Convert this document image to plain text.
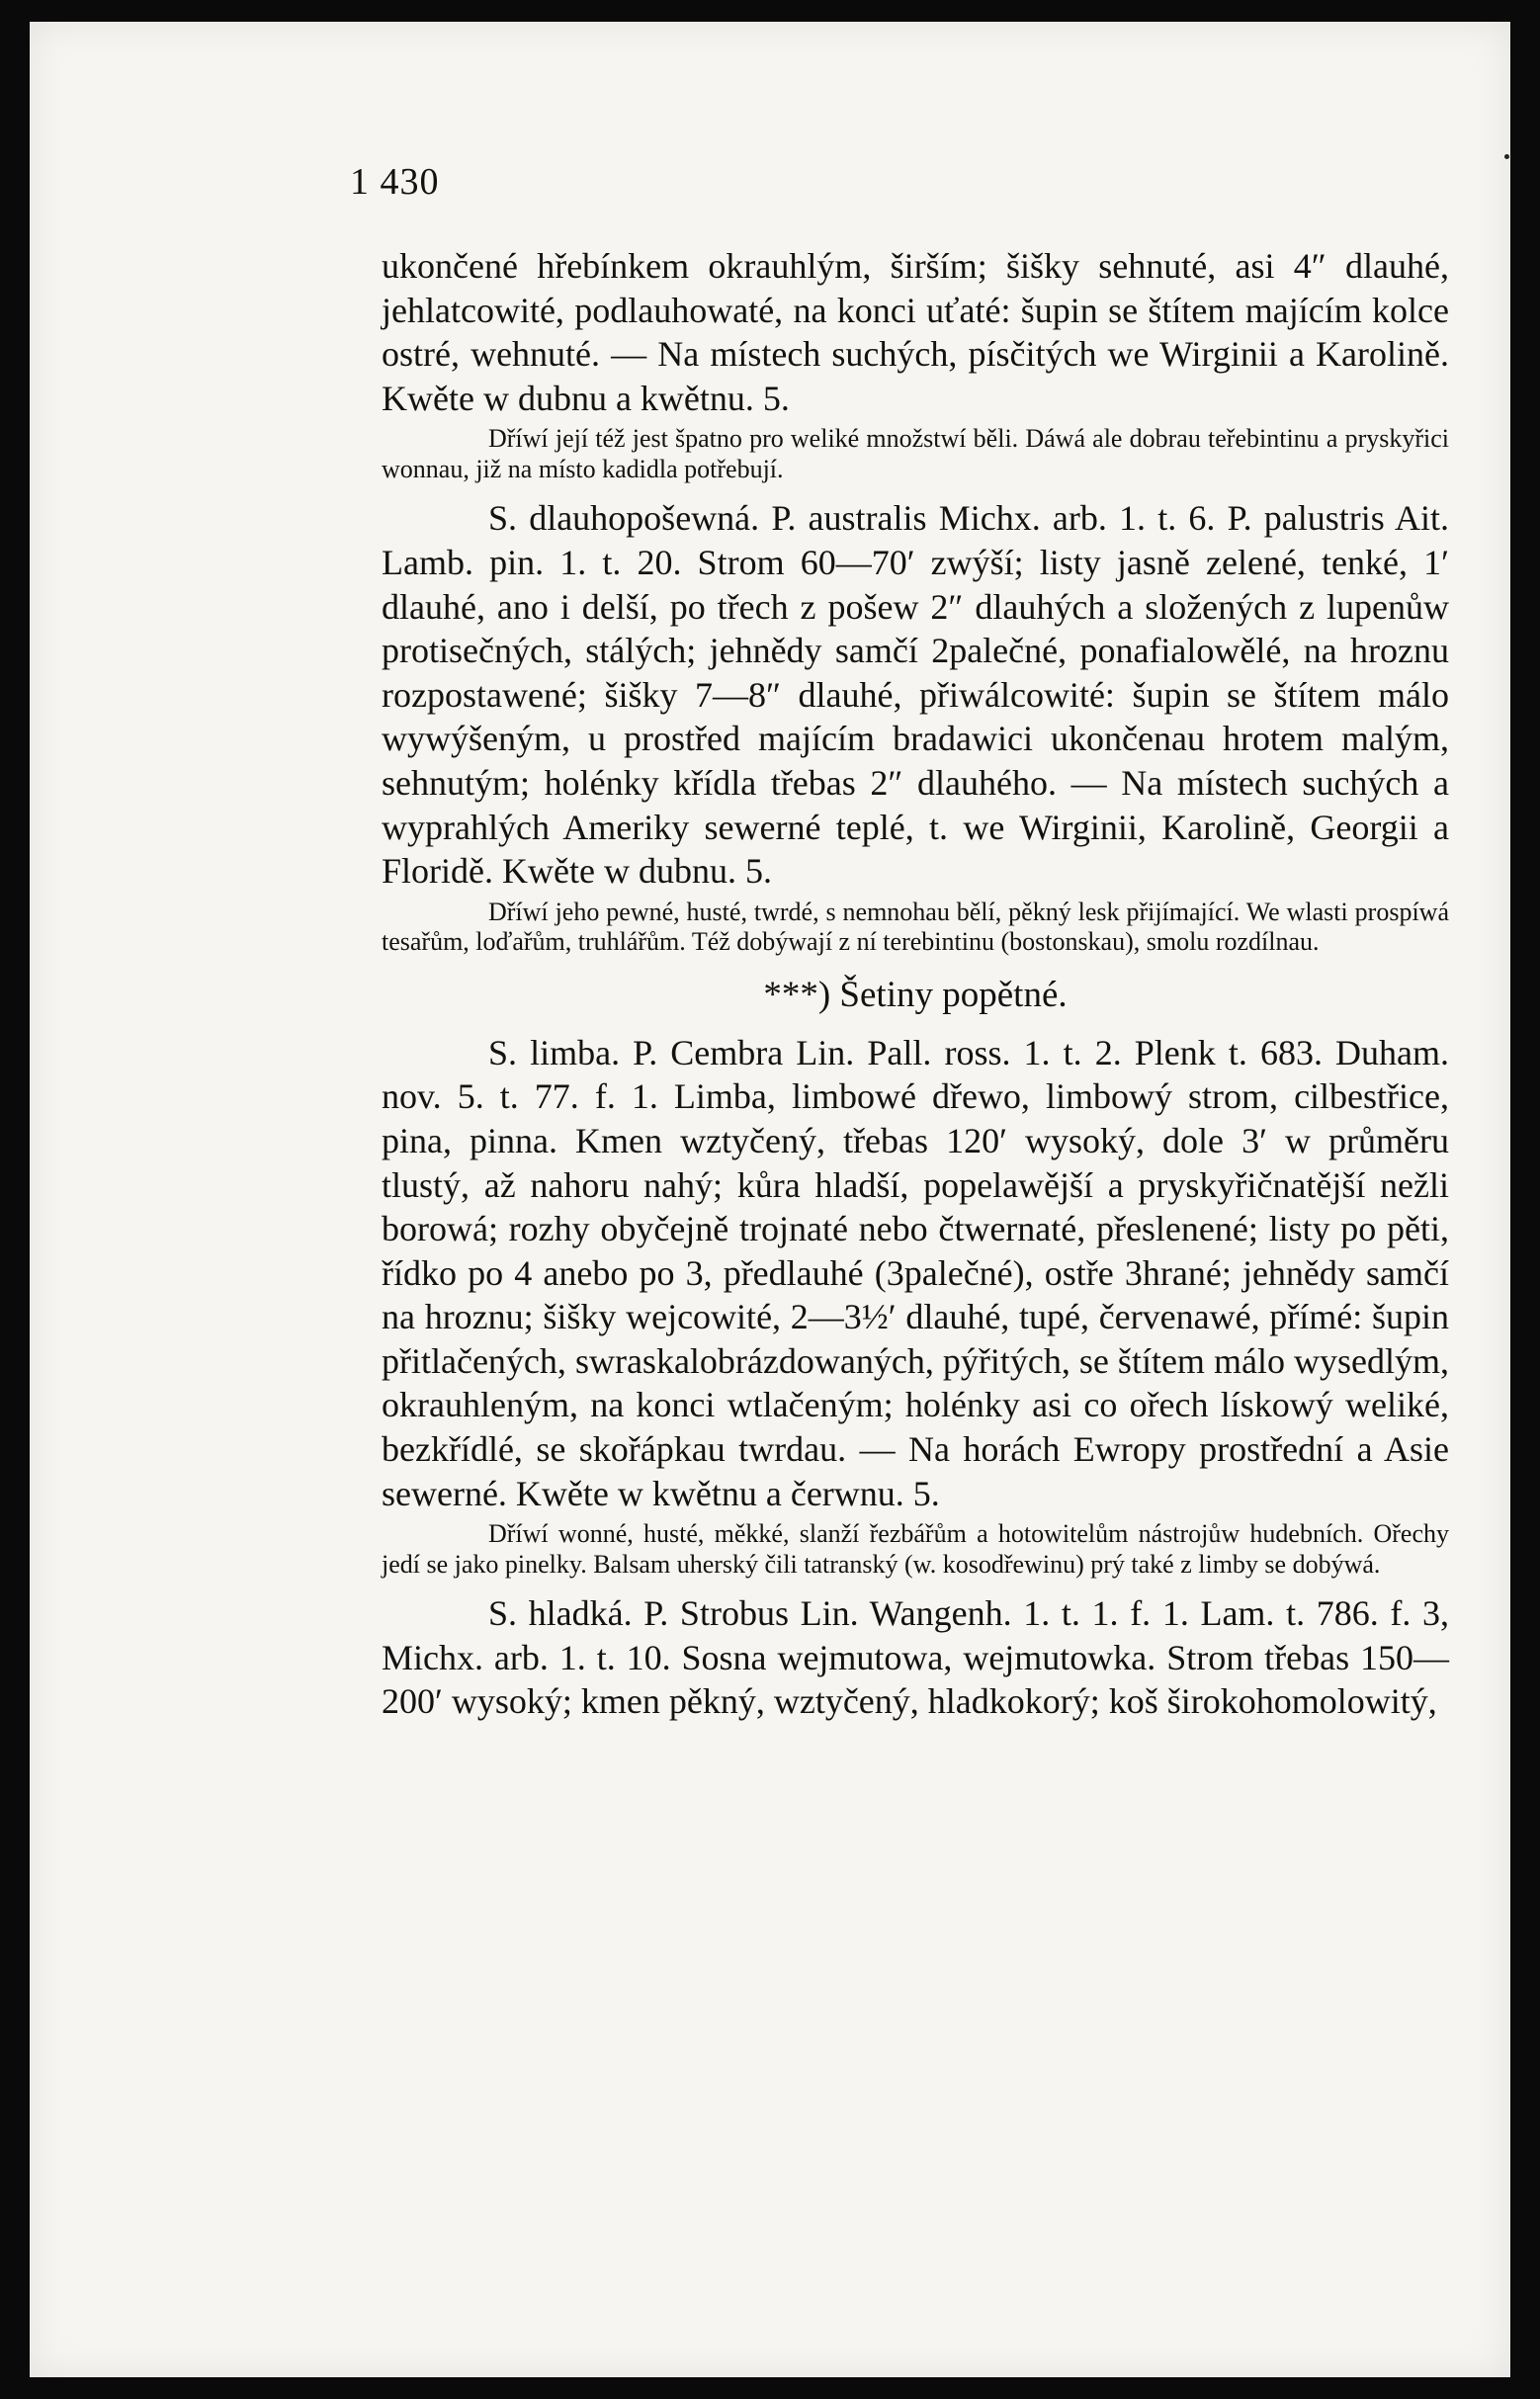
1 430

ukončené hřebínkem okrauhlým, širším; šišky sehnuté, asi 4″ dlauhé, jehlatcowité, podlauhowaté, na konci uťaté: šupin se štítem majícím kolce ostré, wehnuté. — Na místech suchých, písčitých we Wirginii a Karolině. Kwěte w dubnu a kwětnu. 5.

Dříwí její též jest špatno pro weliké množstwí běli. Dáwá ale dobrau teřebintinu a pryskyřici wonnau, již na místo kadidla potřebují.

S. dlauhopošewná. P. australis Michx. arb. 1. t. 6. P. palustris Ait. Lamb. pin. 1. t. 20. Strom 60—70′ zwýší; listy jasně zelené, tenké, 1′ dlauhé, ano i delší, po třech z pošew 2″ dlauhých a složených z lupenůw protisečných, stálých; jehnědy samčí 2palečné, ponafialowělé, na hroznu rozpostawené; šišky 7—8″ dlauhé, přiwálcowité: šupin se štítem málo wywýšeným, u prostřed majícím bradawici ukončenau hrotem malým, sehnutým; holénky křídla třebas 2″ dlauhého. — Na místech suchých a wyprahlých Ameriky sewerné teplé, t. we Wirginii, Karolině, Georgii a Floridě. Kwěte w dubnu. 5.

Dříwí jeho pewné, husté, twrdé, s nemnohau bělí, pěkný lesk přijímající. We wlasti prospíwá tesařům, loďařům, truhlářům. Též dobýwají z ní terebintinu (bostonskau), smolu rozdílnau.

***) Šetiny popětné.

S. limba. P. Cembra Lin. Pall. ross. 1. t. 2. Plenk t. 683. Duham. nov. 5. t. 77. f. 1. Limba, limbowé dřewo, limbowý strom, cilbestřice, pina, pinna. Kmen wztyčený, třebas 120′ wysoký, dole 3′ w průměru tlustý, až nahoru nahý; kůra hladší, popelawější a pryskyřičnatější nežli borowá; rozhy obyčejně trojnaté nebo čtwernaté, přeslenené; listy po pěti, řídko po 4 anebo po 3, předlauhé (3palečné), ostře 3hrané; jehnědy samčí na hroznu; šišky wejcowité, 2—3½′ dlauhé, tupé, červenawé, přímé: šupin přitlačených, swraskalobrázdowaných, pýřitých, se štítem málo wysedlým, okrauhleným, na konci wtlačeným; holénky asi co ořech lískowý weliké, bezkřídlé, se skořápkau twrdau. — Na horách Ewropy prostřední a Asie sewerné. Kwěte w kwětnu a čerwnu. 5.

Dříwí wonné, husté, měkké, slanží řezbářům a hotowitelům nástrojůw hudebních. Ořechy jedí se jako pinelky. Balsam uherský čili tatranský (w. kosodřewinu) prý také z limby se dobýwá.

S. hladká. P. Strobus Lin. Wangenh. 1. t. 1. f. 1. Lam. t. 786. f. 3, Michx. arb. 1. t. 10. Sosna wejmutowa, wejmutowka. Strom třebas 150—200′ wysoký; kmen pěkný, wztyčený, hladkokorý; koš širokohomolowitý,
